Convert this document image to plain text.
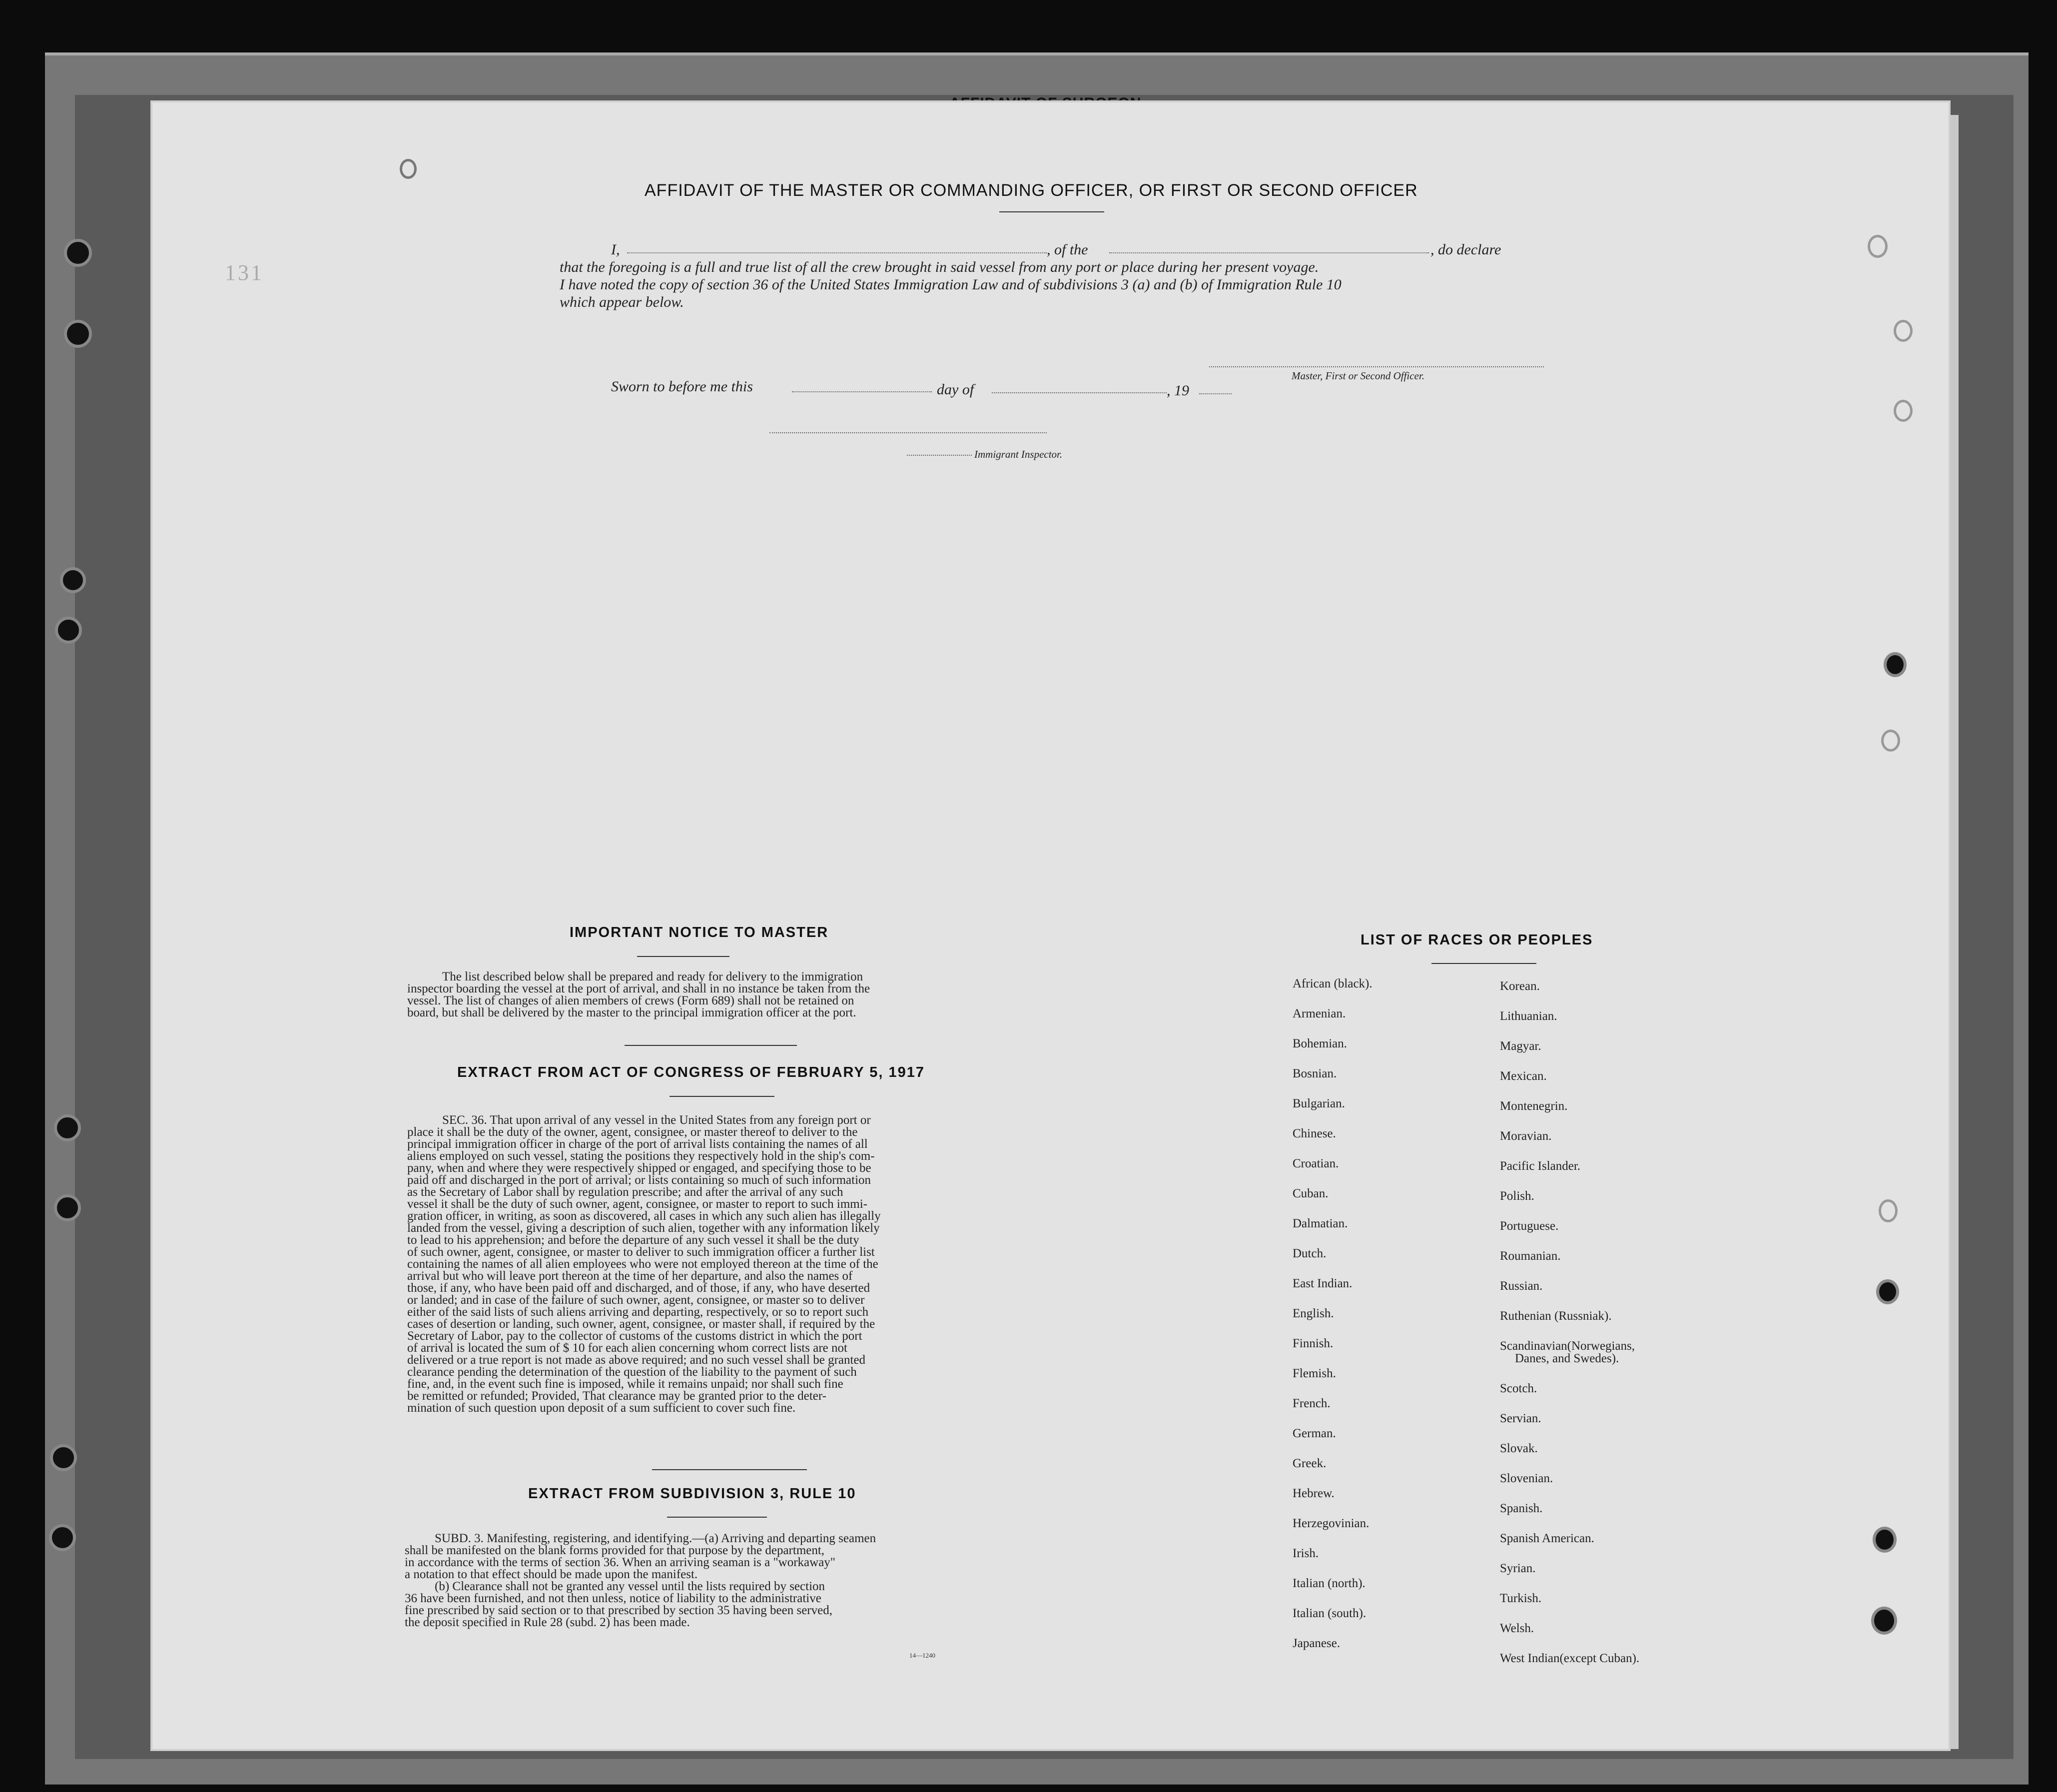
AFFIDAVIT OF THE MASTER OR COMMANDING OFFICER, OR FIRST OR SECOND OFFICER
I,	, of the	, do declare
that the foregoing is a full and true list of all the crew brought in said vessel from any port or place during her present voyage.
I have noted the copy of section 36 of the United States Immigration Law and of subdivisions 3 (a) and (b) of Immigration Rule 10
which appear below.
Master, First or Second Officer.
Sworn to before me this	day of	, 19
Immigrant Inspector.
IMPORTANT NOTICE TO MASTER
The list described below shall be prepared and ready for delivery to the immigration
inspector boarding the vessel at the port of arrival, and shall in no instance be taken from the
vessel. The list of changes of alien members of crews (Form 689) shall not be retained on
board, but shall be delivered by the master to the principal immigration officer at the port.
EXTRACT FROM ACT OF CONGRESS OF FEBRUARY 5, 1917
SEC. 36. That upon arrival of any vessel in the United States from any foreign port or
place it shall be the duty of the owner, agent, consignee, or master thereof to deliver to the
principal immigration officer in charge of the port of arrival lists containing the names of all
aliens employed on such vessel, stating the positions they respectively hold in the ship's com-
pany, when and where they were respectively shipped or engaged, and specifying those to be
paid off and discharged in the port of arrival; or lists containing so much of such information
as the Secretary of Labor shall by regulation prescribe; and after the arrival of any such
vessel it shall be the duty of such owner, agent, consignee, or master to report to such immi-
gration officer, in writing, as soon as discovered, all cases in which any such alien has illegally
landed from the vessel, giving a description of such alien, together with any information likely
to lead to his apprehension; and before the departure of any such vessel it shall be the duty
of such owner, agent, consignee, or master to deliver to such immigration officer a further list
containing the names of all alien employees who were not employed thereon at the time of the
arrival but who will leave port thereon at the time of her departure, and also the names of
those, if any, who have been paid off and discharged, and of those, if any, who have deserted
or landed; and in case of the failure of such owner, agent, consignee, or master so to deliver
either of the said lists of such aliens arriving and departing, respectively, or so to report such
cases of desertion or landing, such owner, agent, consignee, or master shall, if required by the
Secretary of Labor, pay to the collector of customs of the customs district in which the port
of arrival is located the sum of $ 10 for each alien concerning whom correct lists are not
delivered or a true report is not made as above required; and no such vessel shall be granted
clearance pending the determination of the question of the liability to the payment of such
fine, and, in the event such fine is imposed, while it remains unpaid; nor shall such fine
be remitted or refunded; Provided, That clearance may be granted prior to the deter-
mination of such question upon deposit of a sum sufficient to cover such fine.
EXTRACT FROM SUBDIVISION 3, RULE 10
SUBD. 3. Manifesting, registering, and identifying.—(a) Arriving and departing seamen
shall be manifested on the blank forms provided for that purpose by the department,
in accordance with the terms of section 36. When an arriving seaman is a "workaway"
a notation to that effect should be made upon the manifest.
(b) Clearance shall not be granted any vessel until the lists required by section
36 have been furnished, and not then unless, notice of liability to the administrative
fine prescribed by said section or to that prescribed by section 35 having been served,
the deposit specified in Rule 28 (subd. 2) has been made.
14—1240
LIST OF RACES OR PEOPLES
African (black).
Armenian.
Bohemian.
Bosnian.
Bulgarian.
Chinese.
Croatian.
Cuban.
Dalmatian.
Dutch.
East Indian.
English.
Finnish.
Flemish.
French.
German.
Greek.
Hebrew.
Herzegovinian.
Irish.
Italian (north).
Italian (south).
Japanese.
Korean.
Lithuanian.
Magyar.
Mexican.
Montenegrin.
Moravian.
Pacific Islander.
Polish.
Portuguese.
Roumanian.
Russian.
Ruthenian (Russniak).
Scandinavian(Norwegians,
Danes, and Swedes).
Scotch.
Servian.
Slovak.
Slovenian.
Spanish.
Spanish American.
Syrian.
Turkish.
Welsh.
West Indian(except Cuban).
131
